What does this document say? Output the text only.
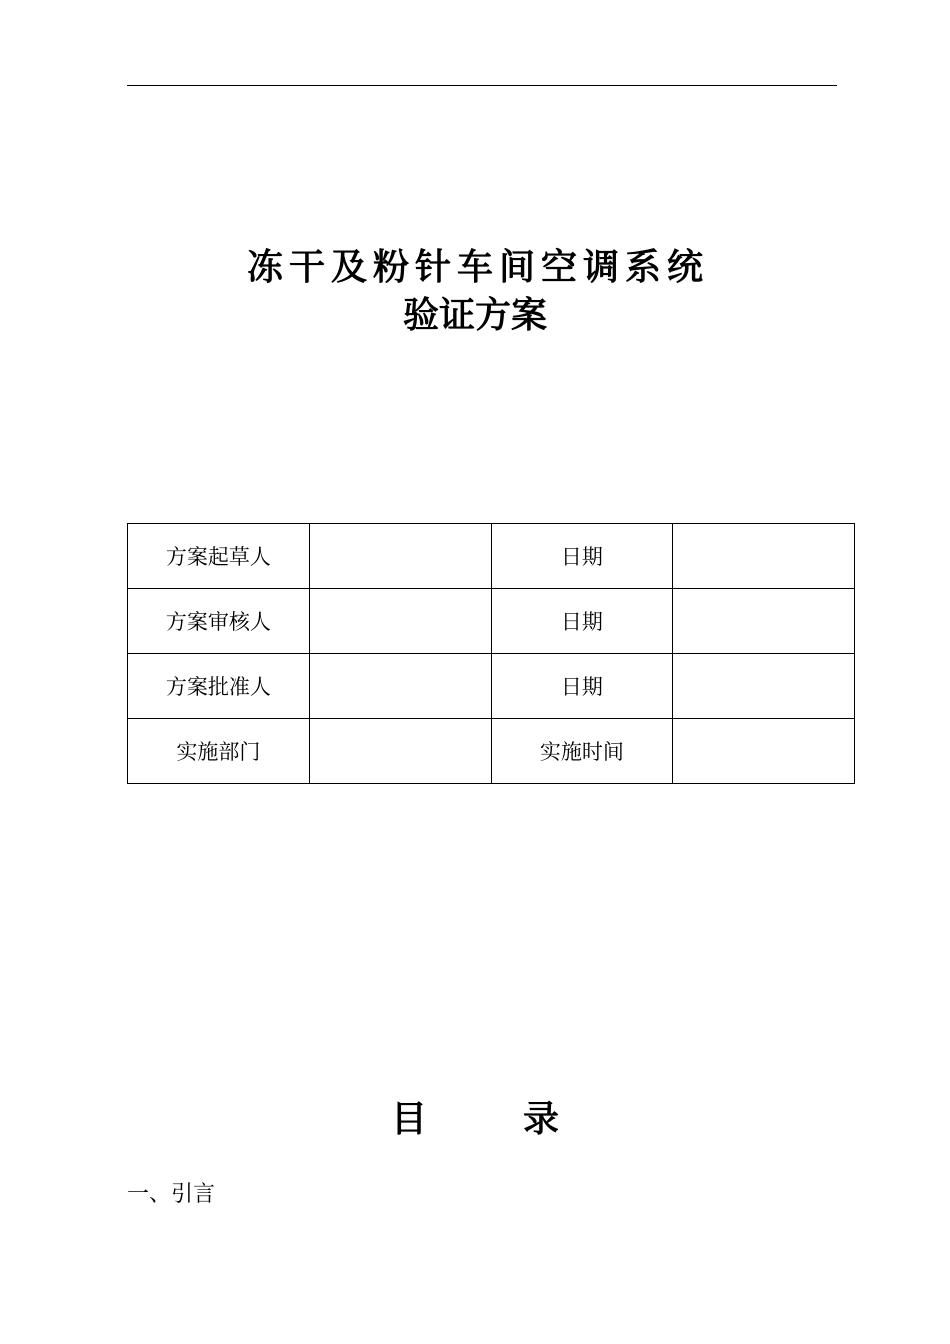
冻干及粉针车间空调系统
验证方案
方案起草人		日期	
方案审核人		日期	
方案批准人		日期	
实施部门		实施时间	
目	录
一、引言
